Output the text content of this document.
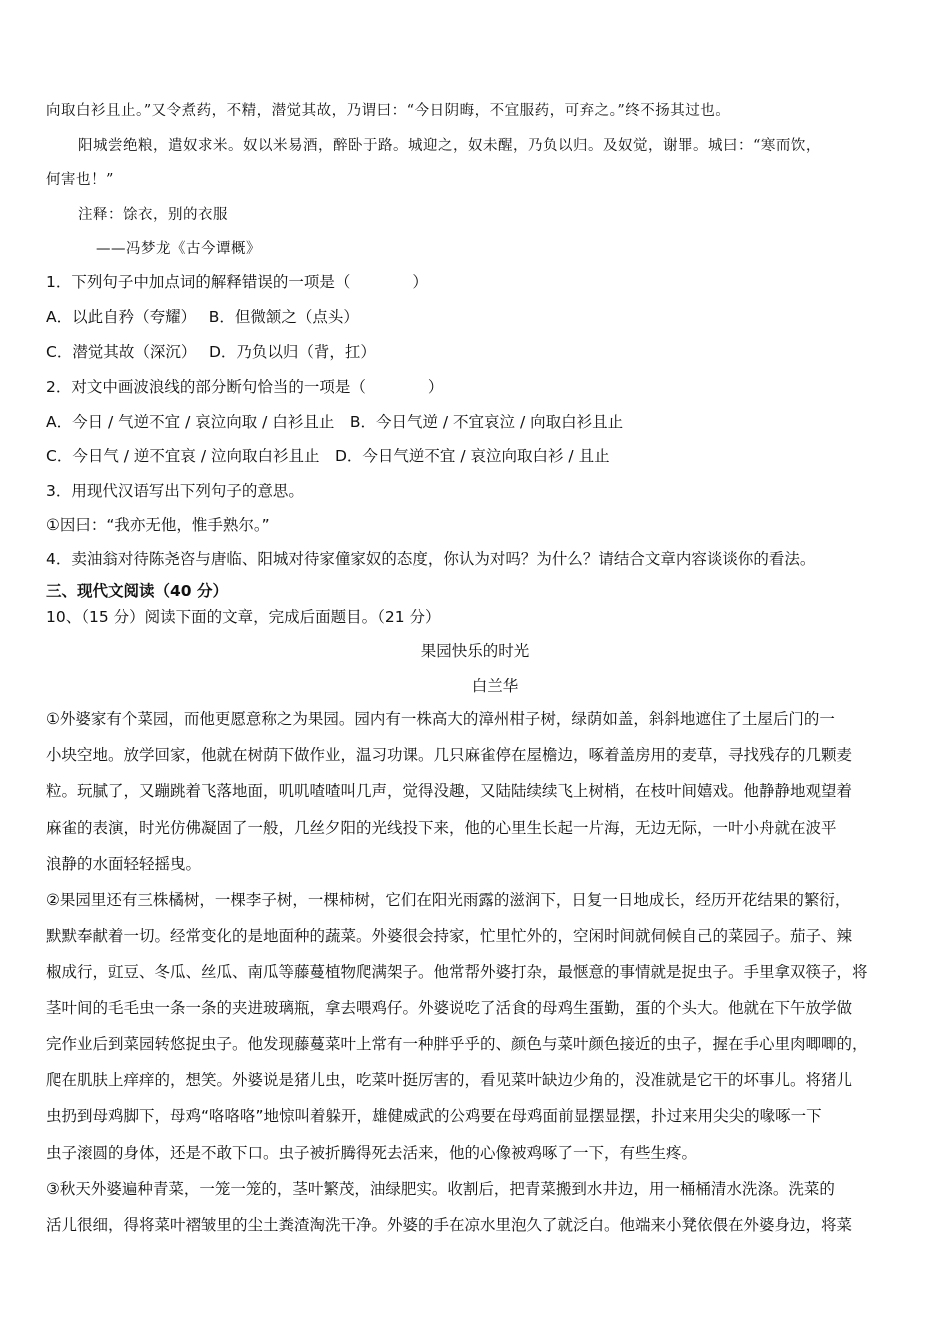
向取白衫且止。”又令煮药，不精，潜觉其故，乃谓曰：“今日阴晦，不宜服药，可弃之。”终不扬其过也。
阳城尝绝粮，遣奴求米。奴以米易酒，醉卧于路。城迎之，奴未醒，乃负以归。及奴觉，谢罪。城曰：“寒而饮，
何害也！”
注释：馀衣，别的衣服
——冯梦龙《古今谭概》
1．下列句子中加点词的解释错误的一项是（　　　　）
A．以此自矜（夸耀）　 B．但微颔之（点头）
C．潜觉其故（深沉）　 D．乃负以归（背，扛）
2．对文中画波浪线的部分断句恰当的一项是（　　　　）
A．今日 / 气逆不宜 / 哀泣向取 / 白衫且止　B．今日气逆 / 不宜哀泣 / 向取白衫且止
C．今日气 / 逆不宜哀 / 泣向取白衫且止　D．今日气逆不宜 / 哀泣向取白衫 / 且止
3．用现代汉语写出下列句子的意思。
①因曰：“我亦无他，惟手熟尔。”
4．卖油翁对待陈尧咨与唐临、阳城对待家僮家奴的态度，你认为对吗？为什么？请结合文章内容谈谈你的看法。
三、现代文阅读（40 分）
10、（15 分）阅读下面的文章，完成后面题目。（21 分）
果园快乐的时光
白兰华
①外婆家有个菜园，而他更愿意称之为果园。园内有一株高大的漳州柑子树，绿荫如盖，斜斜地遮住了土屋后门的一
小块空地。放学回家，他就在树荫下做作业，温习功课。几只麻雀停在屋檐边，啄着盖房用的麦草，寻找残存的几颗麦
粒。玩腻了，又蹦跳着飞落地面，叽叽喳喳叫几声，觉得没趣，又陆陆续续飞上树梢，在枝叶间嬉戏。他静静地观望着
麻雀的表演，时光仿佛凝固了一般，几丝夕阳的光线投下来，他的心里生长起一片海，无边无际，一叶小舟就在波平
浪静的水面轻轻摇曳。
②果园里还有三株橘树，一棵李子树，一棵柿树，它们在阳光雨露的滋润下，日复一日地成长，经历开花结果的繁衍，
默默奉献着一切。经常变化的是地面种的蔬菜。外婆很会持家，忙里忙外的，空闲时间就伺候自己的菜园子。茄子、辣
椒成行，豇豆、冬瓜、丝瓜、南瓜等藤蔓植物爬满架子。他常帮外婆打杂，最惬意的事情就是捉虫子。手里拿双筷子，将
茎叶间的毛毛虫一条一条的夹进玻璃瓶，拿去喂鸡仔。外婆说吃了活食的母鸡生蛋勤，蛋的个头大。他就在下午放学做
完作业后到菜园转悠捉虫子。他发现藤蔓菜叶上常有一种胖乎乎的、颜色与菜叶颜色接近的虫子，握在手心里肉唧唧的，
爬在肌肤上痒痒的，想笑。外婆说是猪儿虫，吃菜叶挺厉害的，看见菜叶缺边少角的，没准就是它干的坏事儿。将猪儿
虫扔到母鸡脚下，母鸡“咯咯咯”地惊叫着躲开，雄健威武的公鸡要在母鸡面前显摆显摆，扑过来用尖尖的喙啄一下
虫子滚圆的身体，还是不敢下口。虫子被折腾得死去活来，他的心像被鸡啄了一下，有些生疼。
③秋天外婆遍种青菜，一笼一笼的，茎叶繁茂，油绿肥实。收割后，把青菜搬到水井边，用一桶桶清水洗涤。洗菜的
活儿很细，得将菜叶褶皱里的尘土粪渣淘洗干净。外婆的手在凉水里泡久了就泛白。他端来小凳依偎在外婆身边，将菜
